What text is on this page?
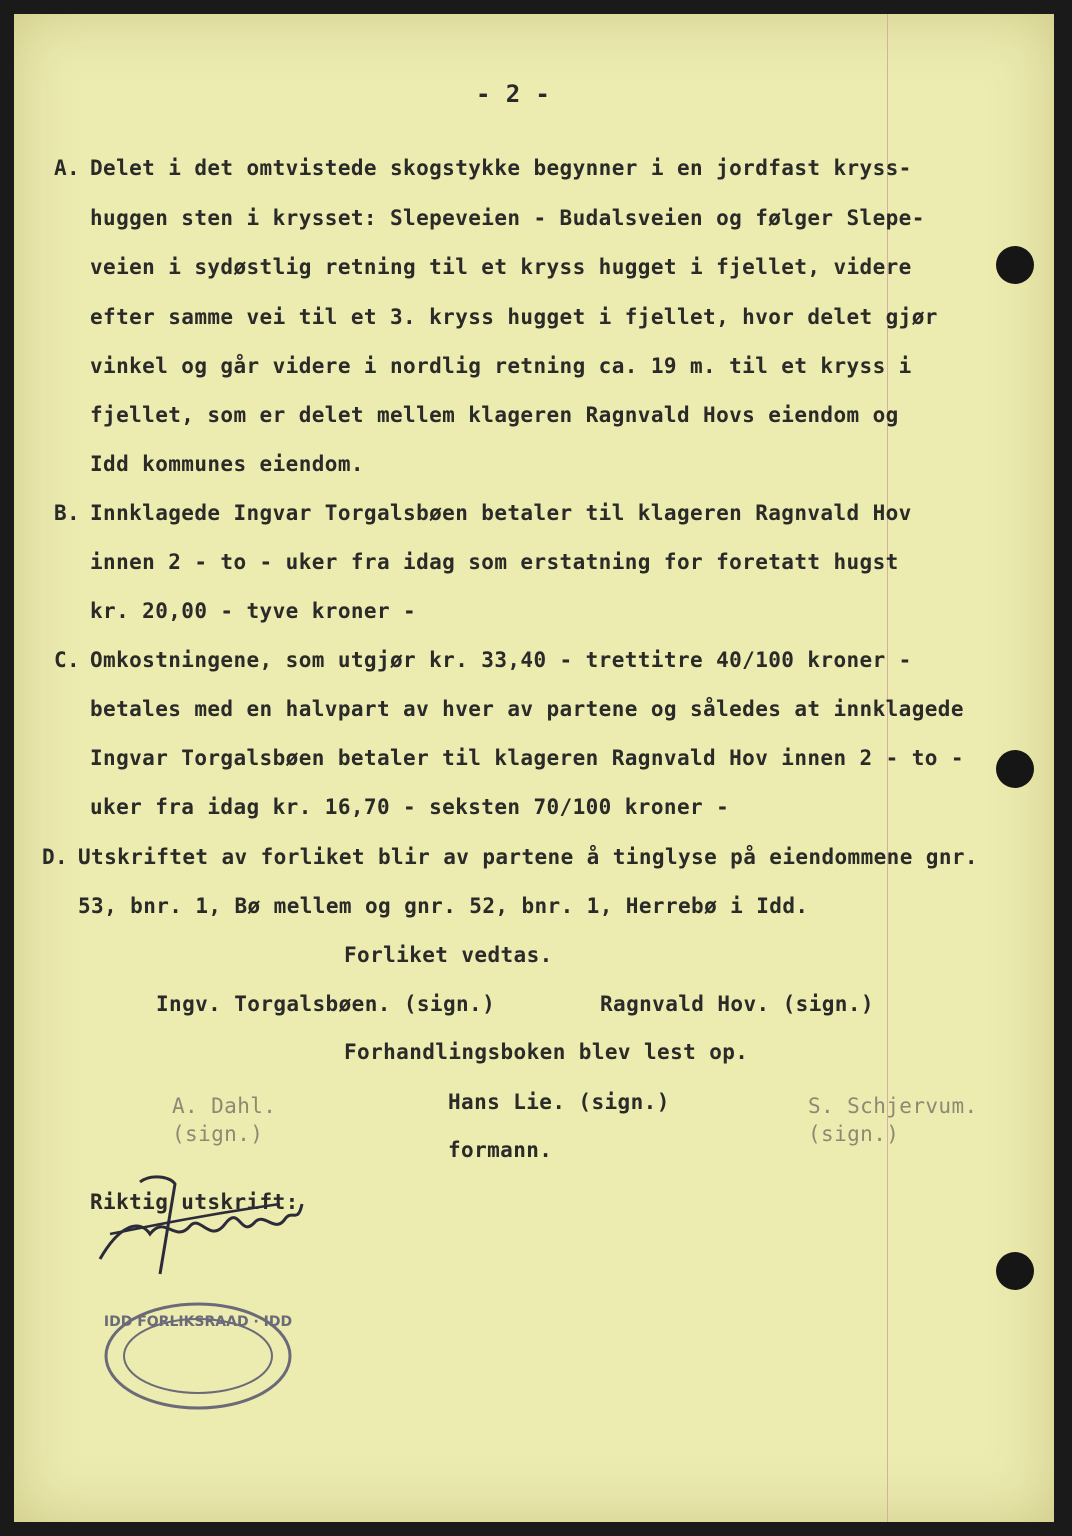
- 2 -
A. Delet i det omtvistede skogstykke begynner i en jordfast kryss-
huggen sten i krysset: Slepeveien - Budalsveien og følger Slepe-
veien i sydøstlig retning til et kryss hugget i fjellet, videre
efter samme vei til et 3. kryss hugget i fjellet, hvor delet gjør
vinkel og går videre i nordlig retning ca. 19 m. til et kryss i
fjellet, som er delet mellem klageren Ragnvald Hovs eiendom og
Idd kommunes eiendom.
B. Innklagede Ingvar Torgalsbøen betaler til klageren Ragnvald Hov
innen 2 - to - uker fra idag som erstatning for foretatt hugst
kr. 20,00 - tyve kroner -
C. Omkostningene, som utgjør kr. 33,40 - trettitre 40/100 kroner -
betales med en halvpart av hver av partene og således at innklagede
Ingvar Torgalsbøen betaler til klageren Ragnvald Hov innen 2 - to -
uker fra idag kr. 16,70 - seksten 70/100 kroner -
D. Utskriftet av forliket blir av partene å tinglyse på eiendommene gnr.
53, bnr. 1, Bø mellem og gnr. 52, bnr. 1, Herrebø i Idd.
Forliket vedtas.
Ingv. Torgalsbøen. (sign.)	Ragnvald Hov. (sign.)
Forhandlingsboken blev lest op.
A. Dahl.
(sign.)
Hans Lie. (sign.)
formann.
S. Schjervum.
(sign.)
Riktig utskrift:
IDD FORLIKSRAAD · IDD
